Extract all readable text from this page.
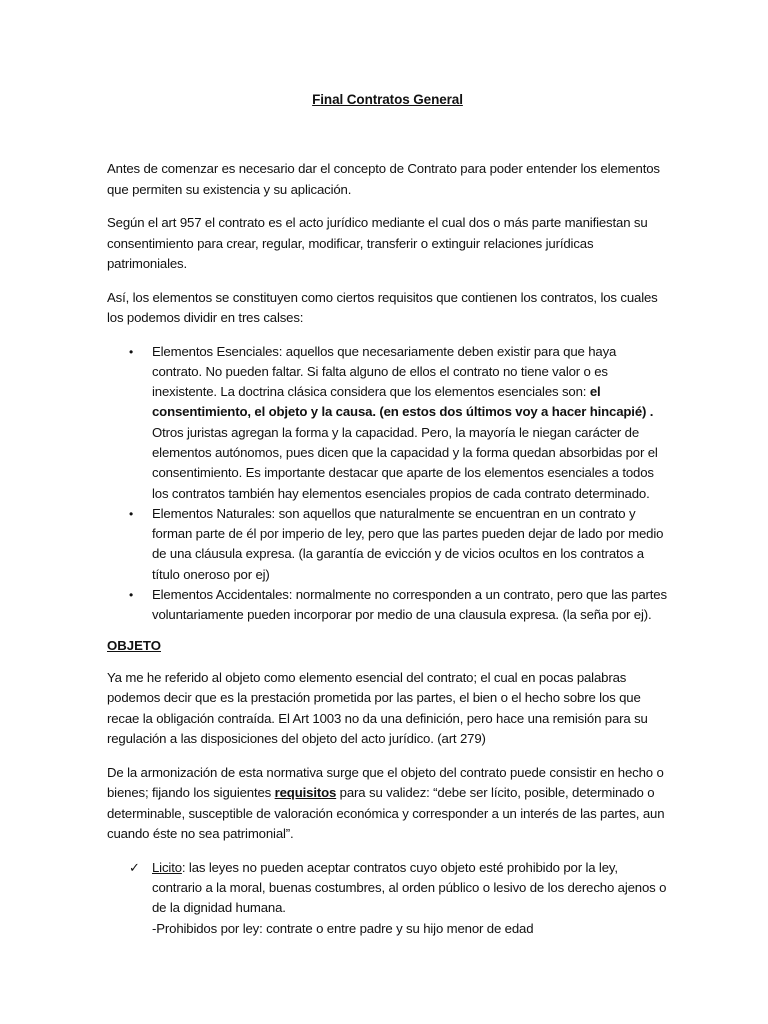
Final Contratos General

Antes de comenzar es necesario dar el concepto de Contrato para poder entender los elementos que permiten su existencia y su aplicación.

Según el art 957 el contrato es el acto jurídico mediante el cual dos o más parte manifiestan su consentimiento para crear, regular, modificar, transferir o extinguir relaciones jurídicas patrimoniales.

Así, los elementos se constituyen como ciertos requisitos que contienen los contratos, los cuales los podemos dividir en tres calses:

• Elementos Esenciales: aquellos que necesariamente deben existir para que haya contrato. No pueden faltar. Si falta alguno de ellos el contrato no tiene valor o es inexistente. La doctrina clásica considera que los elementos esenciales son: el consentimiento, el objeto y la causa. (en estos dos últimos voy a hacer hincapié) . Otros juristas agregan la forma y la capacidad. Pero, la mayoría le niegan carácter de elementos autónomos, pues dicen que la capacidad y la forma quedan absorbidas por el consentimiento. Es importante destacar que aparte de los elementos esenciales a todos los contratos también hay elementos esenciales propios de cada contrato determinado.
• Elementos Naturales: son aquellos que naturalmente se encuentran en un contrato y forman parte de él por imperio de ley, pero que las partes pueden dejar de lado por medio de una cláusula expresa. (la garantía de evicción y de vicios ocultos en los contratos a título oneroso por ej)
• Elementos Accidentales: normalmente no corresponden a un contrato, pero que las partes voluntariamente pueden incorporar por medio de una clausula expresa. (la seña por ej).
OBJETO

Ya me he referido al objeto como elemento esencial del contrato; el cual en pocas palabras podemos decir que es la prestación prometida por las partes, el bien o el hecho sobre los que recae la obligación contraída. El Art 1003 no da una definición, pero hace una remisión para su regulación a las disposiciones del objeto del acto jurídico. (art 279)

De la armonización de esta normativa surge que el objeto del contrato puede consistir en hecho o bienes; fijando los siguientes requisitos para su validez: “debe ser lícito, posible, determinado o determinable, susceptible de valoración económica y corresponder a un interés de las partes, aun cuando éste no sea patrimonial”.

✓ Licito: las leyes no pueden aceptar contratos cuyo objeto esté prohibido por la ley, contrario a la moral, buenas costumbres, al orden público o lesivo de los derecho ajenos o de la dignidad humana.
-Prohibidos por ley: contrate o entre padre y su hijo menor de edad
